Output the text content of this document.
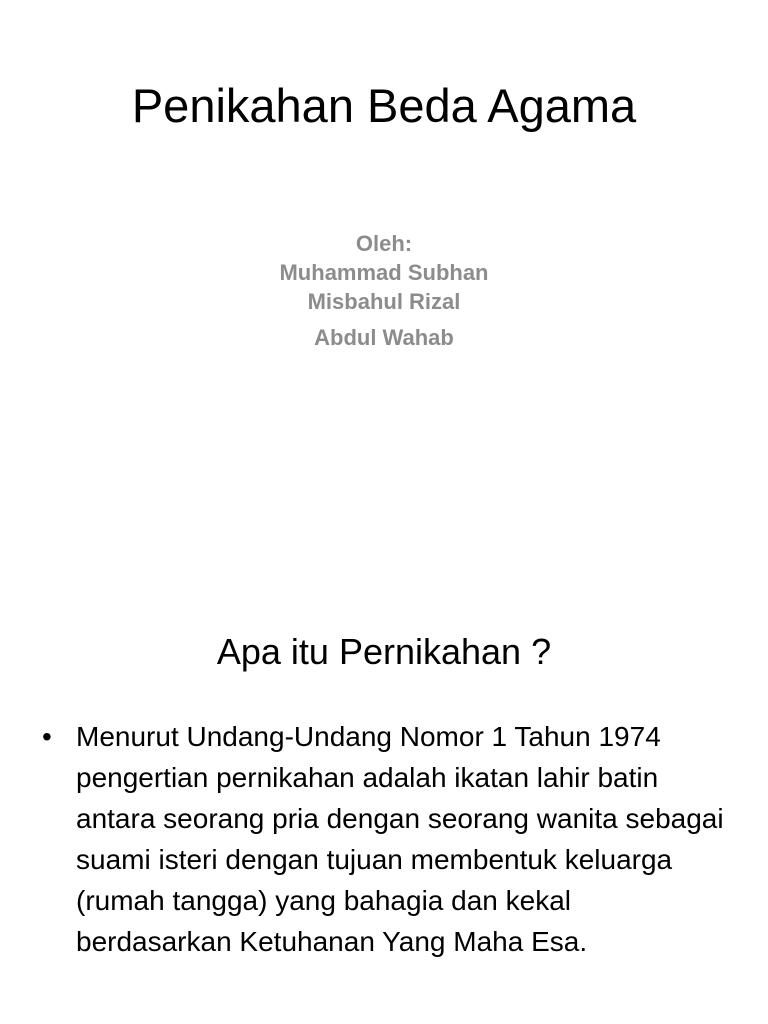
Penikahan Beda Agama
Oleh:
Muhammad Subhan
Misbahul Rizal
Abdul Wahab
Apa itu Pernikahan ?
• Menurut Undang-Undang Nomor 1 Tahun 1974 pengertian pernikahan adalah ikatan lahir batin antara seorang pria dengan seorang wanita sebagai suami isteri dengan tujuan membentuk keluarga (rumah tangga) yang bahagia dan kekal berdasarkan Ketuhanan Yang Maha Esa.
